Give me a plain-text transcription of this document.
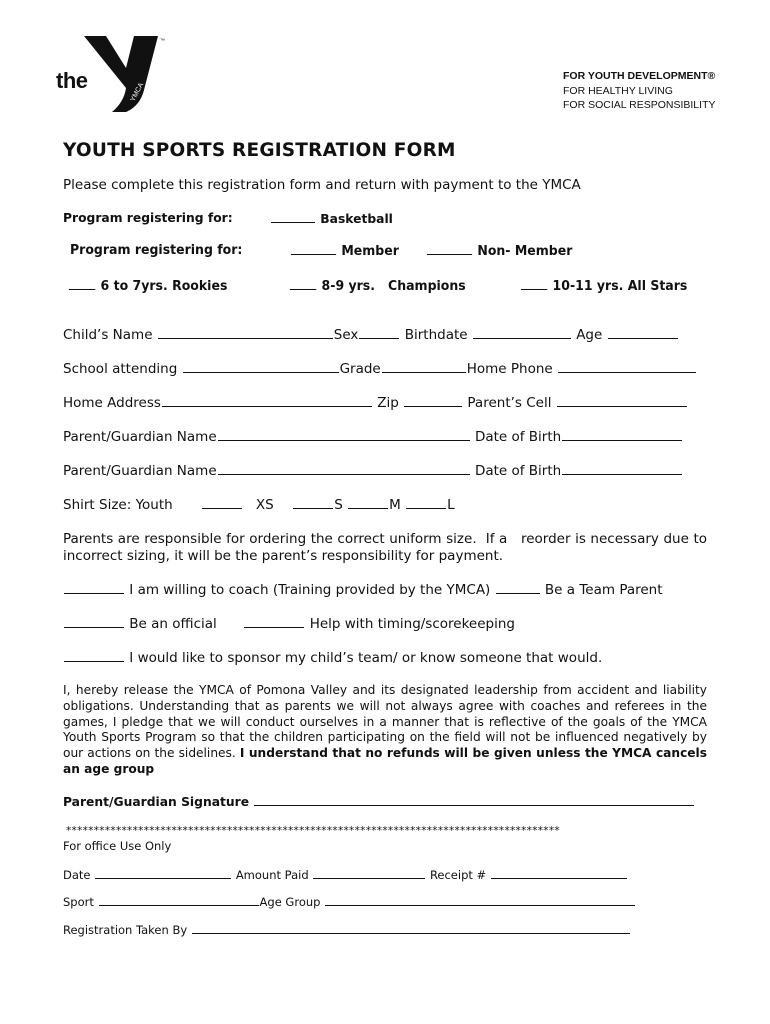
the	YMCA
™
FOR YOUTH DEVELOPMENT®
FOR HEALTHY LIVING
FOR SOCIAL RESPONSIBILITY
YOUTH SPORTS REGISTRATION FORM
Please complete this registration form and return with payment to the YMCA
Program registering for:	Basketball
Program registering for:	Member	Non- Member
6 to 7yrs. Rookies	8-9 yrs.   Champions	10-11 yrs. All Stars
Child’s Name	Sex	Birthdate	Age
School attending	Grade	Home Phone
Home Address	Zip	Parent’s Cell
Parent/Guardian Name	Date of Birth
Parent/Guardian Name	Date of Birth
Shirt Size: Youth	XS	S	M	L
Parents are responsible for ordering the correct uniform size.  If a   reorder is necessary due to incorrect sizing, it will be the parent’s responsibility for payment.
I am willing to coach (Training provided by the YMCA)	Be a Team Parent
Be an official	Help with timing/scorekeeping
I would like to sponsor my child’s team/ or know someone that would.
I, hereby release the YMCA of Pomona Valley and its designated leadership from accident and liability obligations. Understanding that as parents we will not always agree with coaches and referees in the games, I pledge that we will conduct ourselves in a manner that is reflective of the goals of the YMCA Youth Sports Program so that the children participating on the field will not be influenced negatively by our actions on the sidelines. I understand that no refunds will be given unless the YMCA cancels an age group
Parent/Guardian Signature
*****************************************************************************************
For office Use Only
Date	Amount Paid	Receipt #
Sport	Age Group
Registration Taken By
